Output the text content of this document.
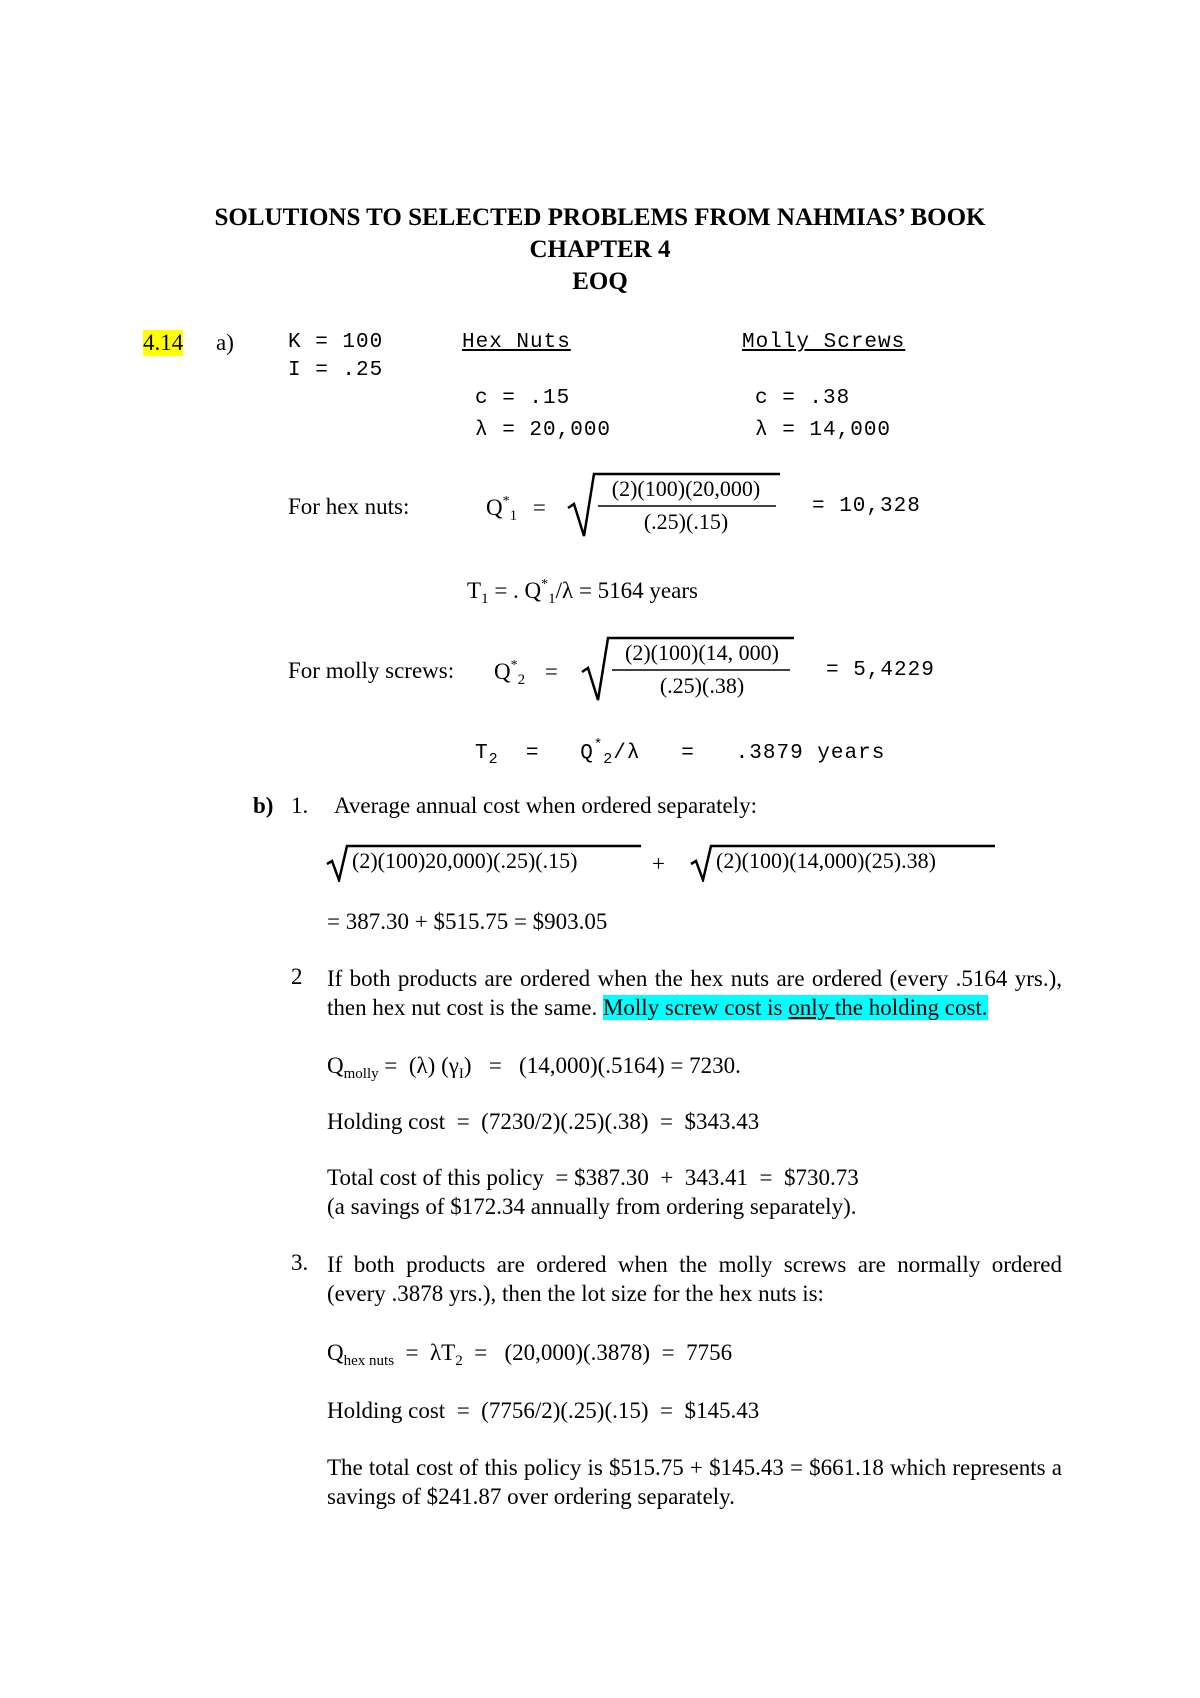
SOLUTIONS TO SELECTED PROBLEMS FROM NAHMIAS’ BOOK
CHAPTER 4
EOQ
4.14 a)	K = 100
I = .25
Hex Nuts	Molly Screws
c = .15	c = .38
λ = 20,000	λ = 14,000
For hex nuts:	$Q^*_1$ =
(2)(100)(20,000)
(.25)(.15)
= 10,328
$T_1$ = . $Q^*_1/\lambda = 5164$ years
For molly screws: $Q^*_2$ =
(2)(100)(14, 000)
(.25)(.38)
= 5,4229
$T_2 = Q^*_2/\lambda = .3879$ years
b) 1. Average annual cost when ordered separately:
(2)(100)20,000)(.25)(.15)	+ (2)(100)(14,000)(25).38)
= 387.30 + $515.75 = $903.05
2 If both products are ordered when the hex nuts are ordered (every .5164 yrs.), then hex nut cost is the same. Molly screw cost is only the holding cost.
$Q_{molly} = (\lambda) (\gamma_I) = (14,000)(.5164) = 7230$.
Holding cost  =  (7230/2)(.25)(.38)  =  $343.43
Total cost of this policy  = $387.30  +  343.41  =  $730.73
(a savings of $172.34 annually from ordering separately).
3. If both products are ordered when the molly screws are normally ordered (every .3878 yrs.), then the lot size for the hex nuts is:
$Q_{hex nuts} = \lambda T_2 = (20,000)(.3878) = 7756$
Holding cost  =  (7756/2)(.25)(.15)  =  $145.43
The total cost of this policy is $515.75 + $145.43 = $661.18 which represents a savings of $241.87 over ordering separately.
